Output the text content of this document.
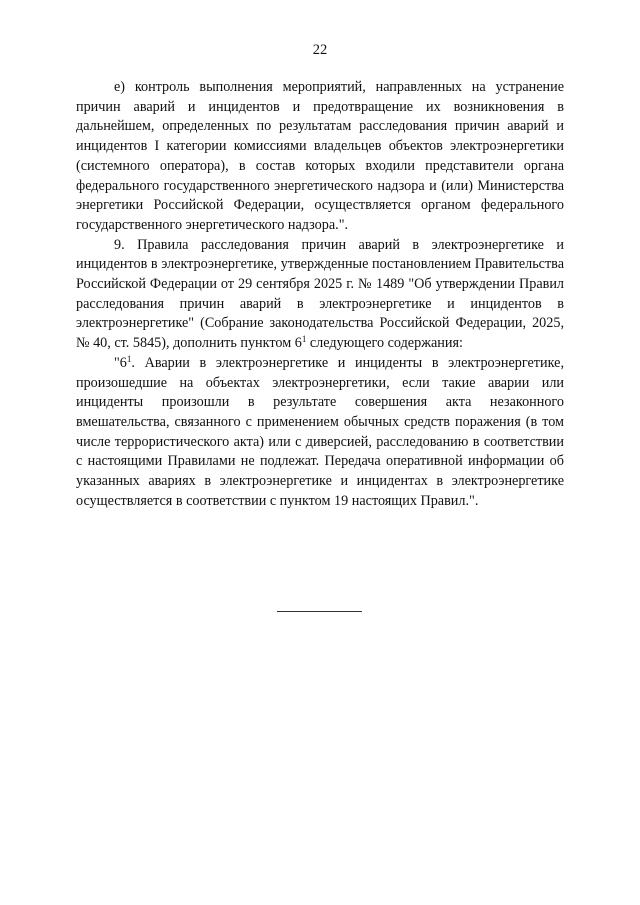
22

е) контроль выполнения мероприятий, направленных на устранение причин аварий и инцидентов и предотвращение их возникновения в дальнейшем, определенных по результатам расследования причин аварий и инцидентов I категории комиссиями владельцев объектов электроэнергетики (системного оператора), в состав которых входили представители органа федерального государственного энергетического надзора и (или) Министерства энергетики Российской Федерации, осуществляется органом федерального государственного энергетического надзора.".

9. Правила расследования причин аварий в электроэнергетике и инцидентов в электроэнергетике, утвержденные постановлением Правительства Российской Федерации от 29 сентября 2025 г. № 1489 "Об утверждении Правил расследования причин аварий в электроэнергетике и инцидентов в электроэнергетике" (Собрание законодательства Российской Федерации, 2025, № 40, ст. 5845), дополнить пунктом $6^1$ следующего содержания:

"$6^1$. Аварии в электроэнергетике и инциденты в электроэнергетике, произошедшие на объектах электроэнергетики, если такие аварии или инциденты произошли в результате совершения акта незаконного вмешательства, связанного с применением обычных средств поражения (в том числе террористического акта) или с диверсией, расследованию в соответствии с настоящими Правилами не подлежат. Передача оперативной информации об указанных авариях в электроэнергетике и инцидентах в электроэнергетике осуществляется в соответствии с пунктом 19 настоящих Правил.".
